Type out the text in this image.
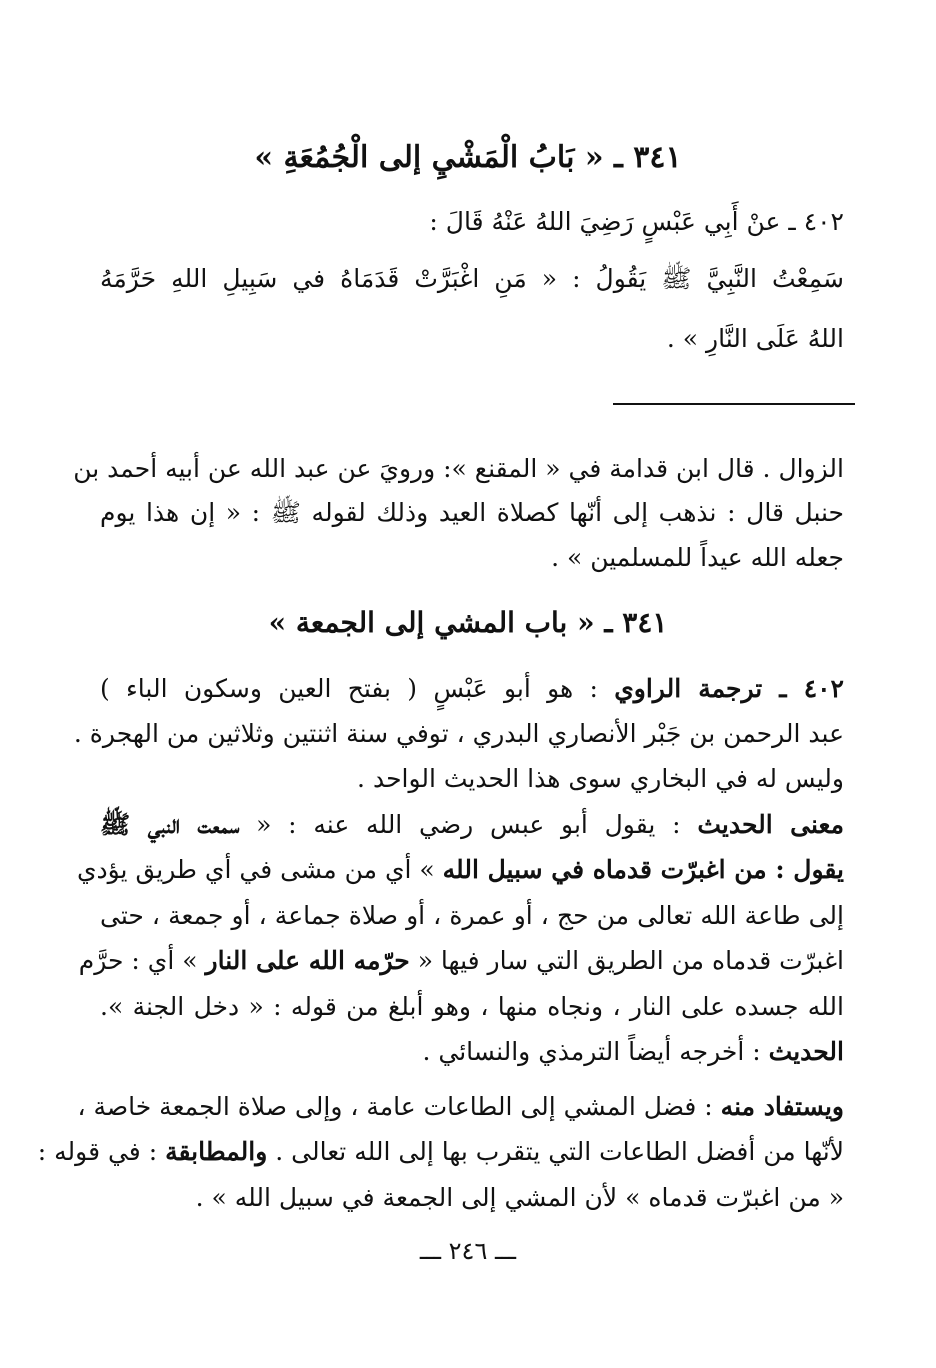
٣٤١ ـ « بَابُ الْمَشْيِ إلى الْجُمُعَةِ »
٤٠٢ ـ عنْ أَبِي عَبْسٍ رَضِيَ اللهُ عَنْهُ قَالَ :
سَمِعْتُ النَّبِيَّ ﷺ يَقُولُ : « مَنِ اغْبَرَّتْ قَدَمَاهُ في سَبِيلِ اللهِ حَرَّمَهُ
اللهُ عَلَى النَّارِ » .
الزوال . قال ابن قدامة في « المقنع »: ورويَ عن عبد الله عن أبيه أحمد بن
حنبل قال : نذهب إلى أنّها كصلاة العيد وذلك لقوله ﷺ : « إن هذا يوم
جعله الله عيداً للمسلمين » .
٣٤١ ـ « باب المشي إلى الجمعة »
٤٠٢ ـ ترجمة الراوي : هو أبو عَبْسٍ ( بفتح العين وسكون الباء )
عبد الرحمن بن جَبْر الأنصاري البدري ، توفي سنة اثنتين وثلاثين من الهجرة .
وليس له في البخاري سوى هذا الحديث الواحد .
معنى الحديث : يقول أبو عبس رضي الله عنه : « سمعت النبي ﷺ
يقول : من اغبرّت قدماه في سبيل الله » أي من مشى في أي طريق يؤدي
إلى طاعة الله تعالى من حج ، أو عمرة ، أو صلاة جماعة ، أو جمعة ، حتى
اغبرّت قدماه من الطريق التي سار فيها « حرّمه الله على النار » أي : حرَّم
الله جسده على النار ، ونجاه منها ، وهو أبلغ من قوله : « دخل الجنة ».
الحديث : أخرجه أيضاً الترمذي والنسائي .
ويستفاد منه : فضل المشي إلى الطاعات عامة ، وإلى صلاة الجمعة خاصة ،
لأنّها من أفضل الطاعات التي يتقرب بها إلى الله تعالى . والمطابقة : في قوله :
« من اغبرّت قدماه » لأن المشي إلى الجمعة في سبيل الله » .
ـــ ٢٤٦ ـــ
